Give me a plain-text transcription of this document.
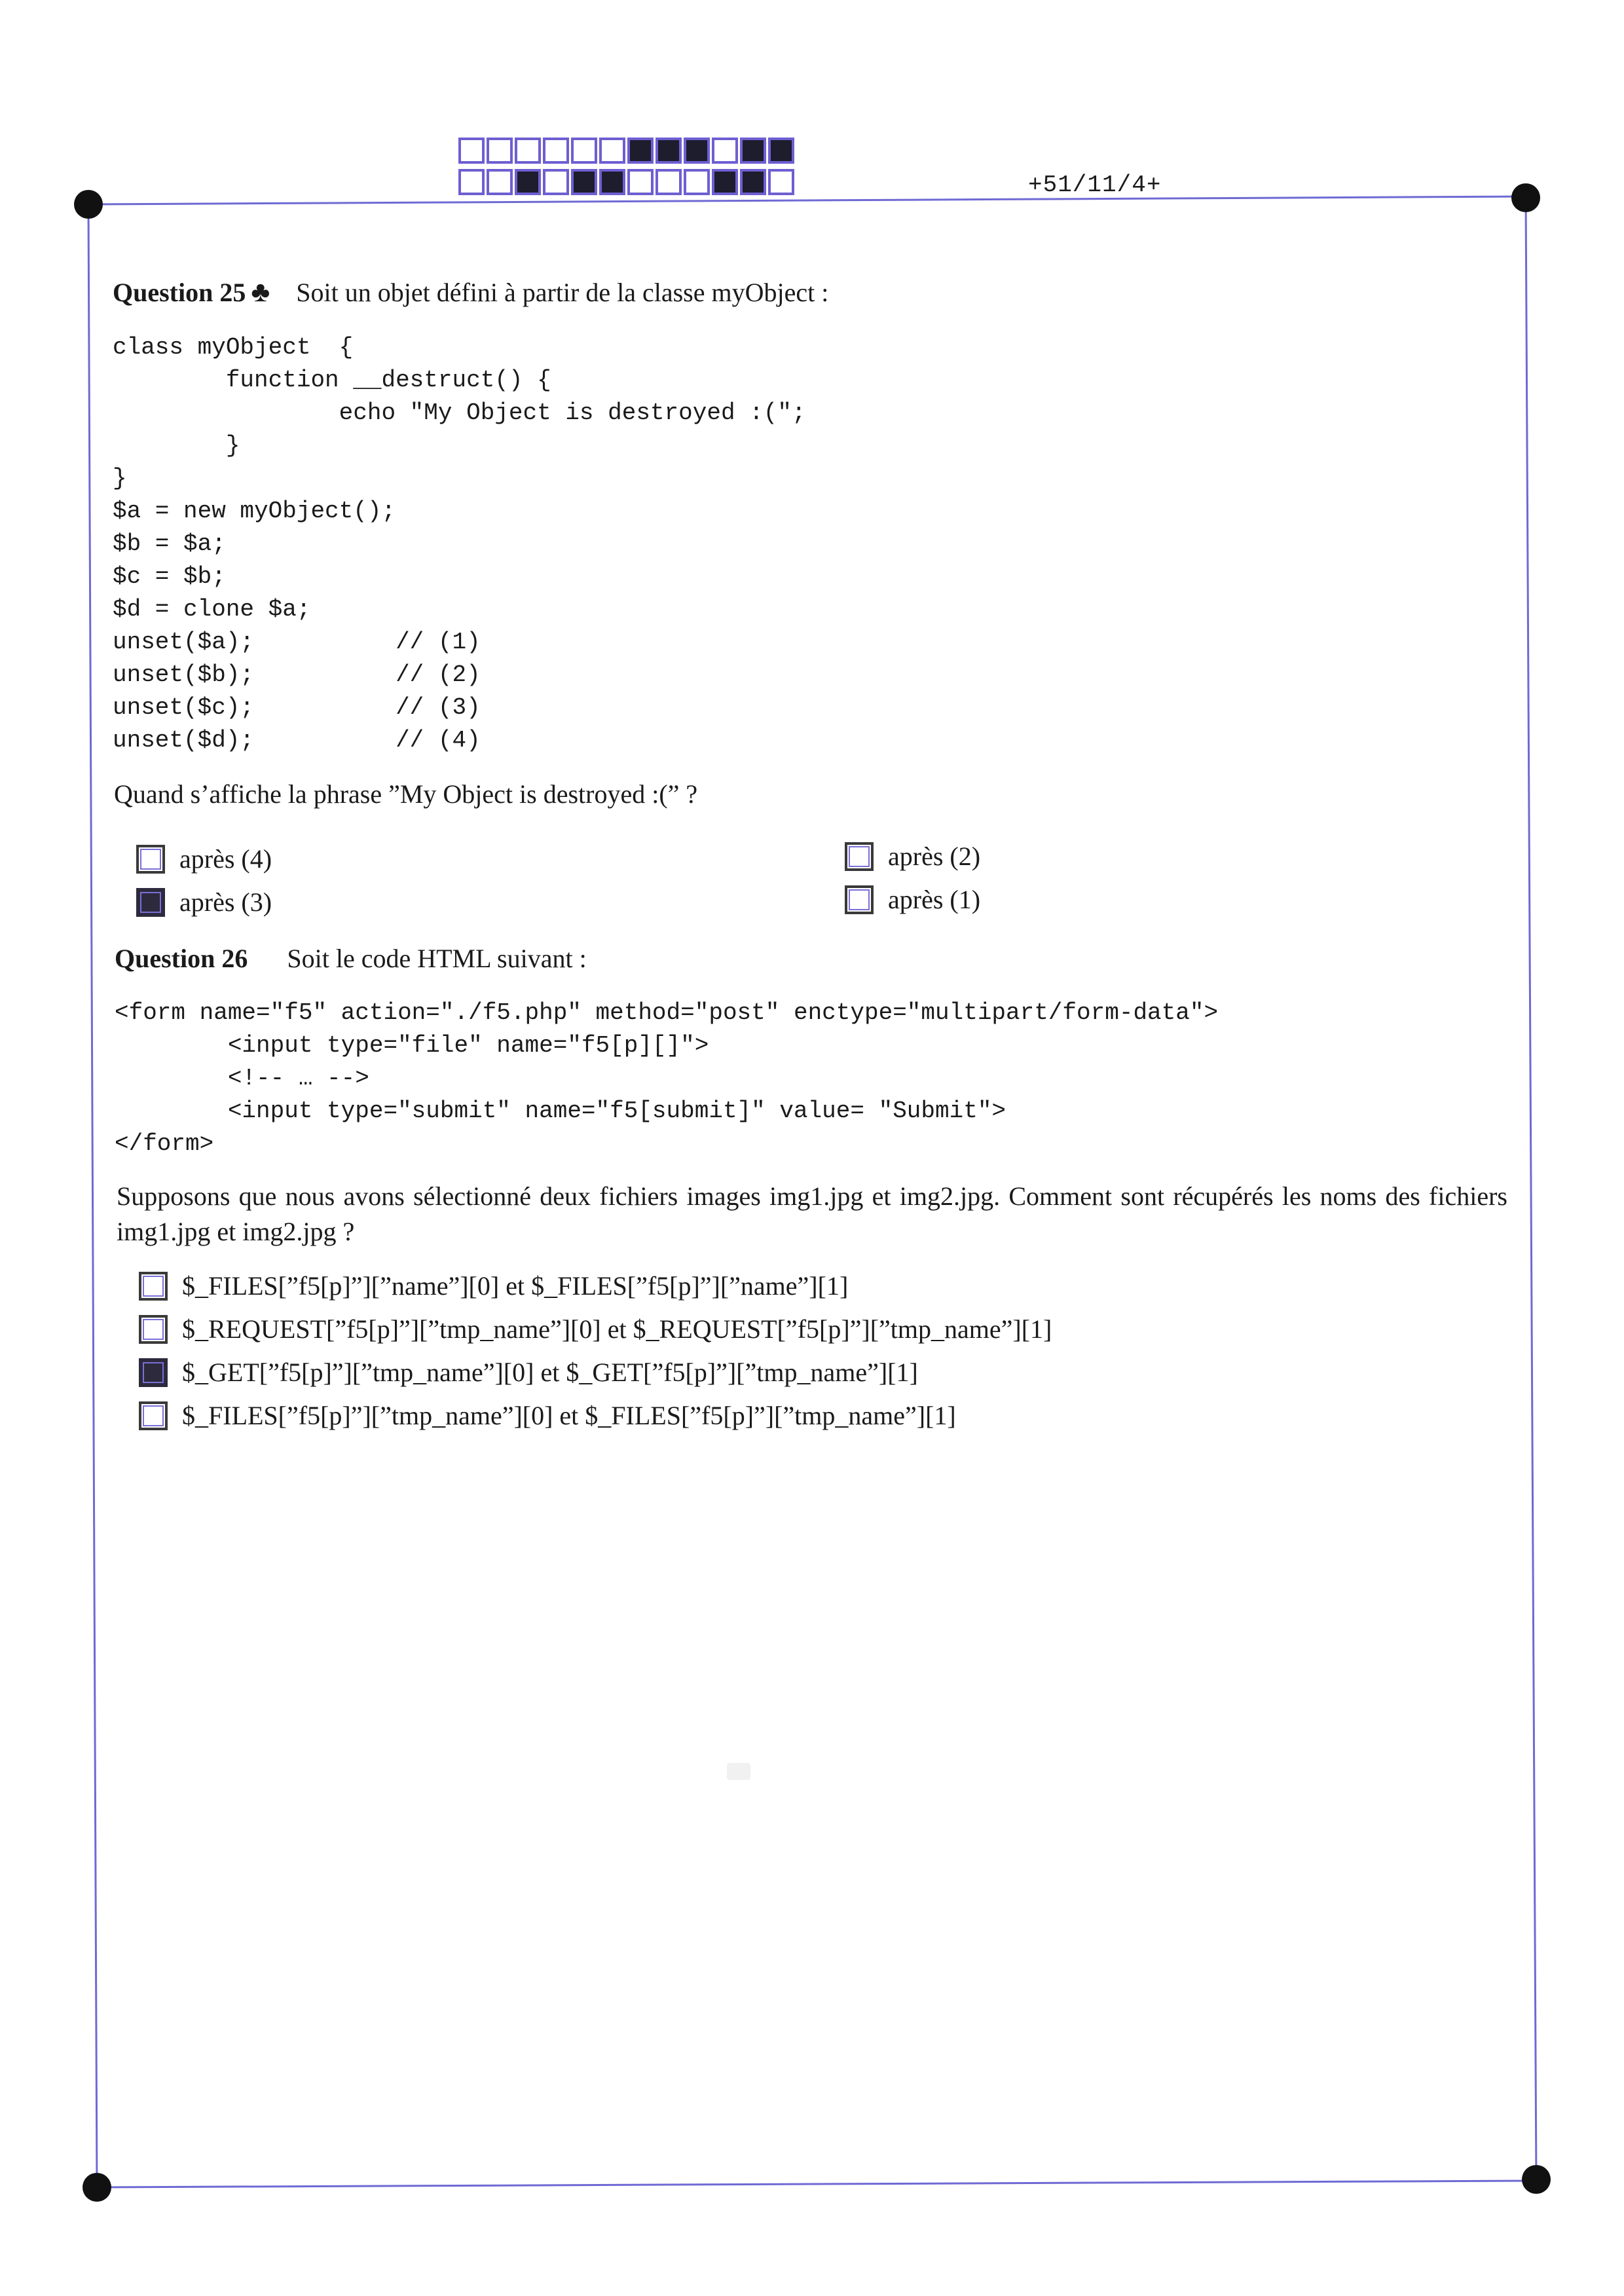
+51/11/4+
Question 25 ♣ Soit un objet défini à partir de la classe myObject :
class myObject  {
function __destruct() {
echo "My Object is destroyed :(";
}
}
$a = new myObject();
$b = $a;
$c = $b;
$d = clone $a;
unset($a);          // (1)
unset($b);          // (2)
unset($c);          // (3)
unset($d);          // (4)
Quand s’affiche la phrase ”My Object is destroyed :(” ?
après (4)
après (3)
après (2)
après (1)
Question 26 Soit le code HTML suivant :
<form name="f5" action="./f5.php" method="post" enctype="multipart/form-data">
<input type="file" name="f5[p][]">
<!-- … -->
<input type="submit" name="f5[submit]" value= "Submit">
</form>
Supposons que nous avons sélectionné deux fichiers images img1.jpg et img2.jpg. Comment sont récupérés les noms des fichiers img1.jpg et img2.jpg ?
$_FILES[”f5[p]”][”name”][0] et $_FILES[”f5[p]”][”name”][1]
$_REQUEST[”f5[p]”][”tmp_name”][0] et $_REQUEST[”f5[p]”][”tmp_name”][1]
$_GET[”f5[p]”][”tmp_name”][0] et $_GET[”f5[p]”][”tmp_name”][1]
$_FILES[”f5[p]”][”tmp_name”][0] et $_FILES[”f5[p]”][”tmp_name”][1]
